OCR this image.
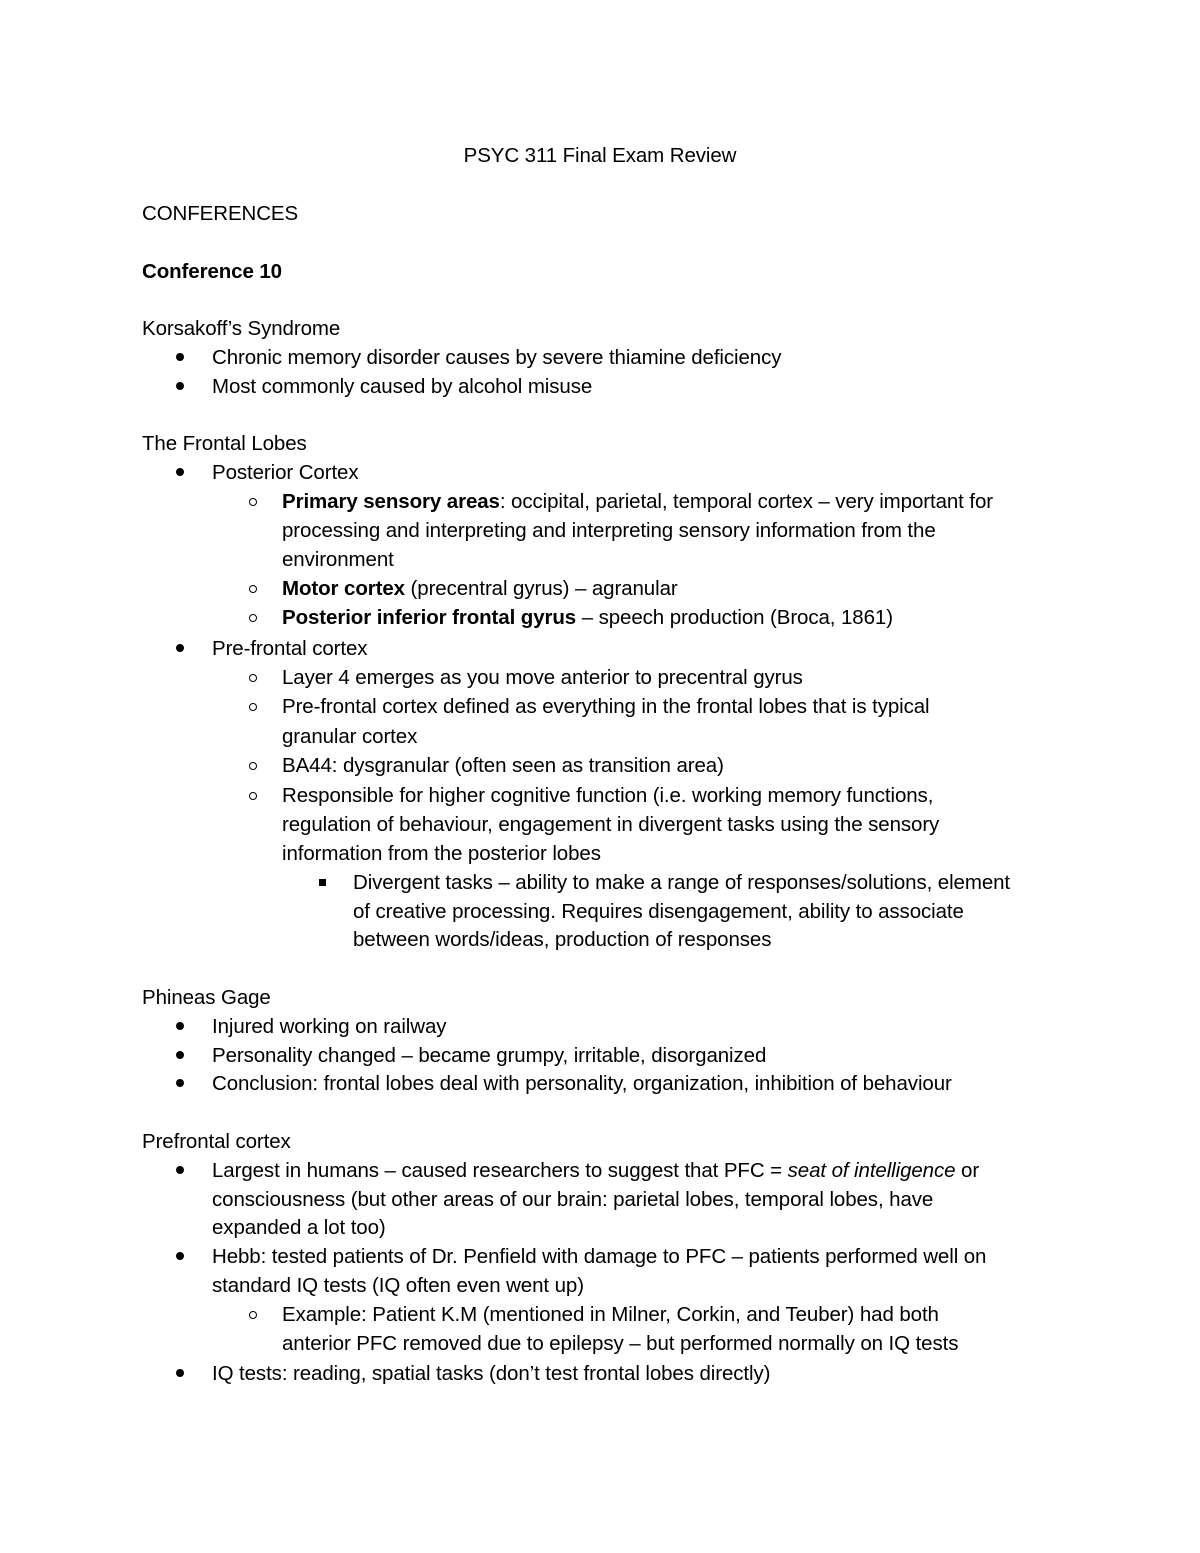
PSYC 311 Final Exam Review
CONFERENCES
Conference 10
Korsakoff’s Syndrome
Chronic memory disorder causes by severe thiamine deficiency
Most commonly caused by alcohol misuse
The Frontal Lobes
Posterior Cortex
Primary sensory areas: occipital, parietal, temporal cortex – very important for
processing and interpreting and interpreting sensory information from the
environment
Motor cortex (precentral gyrus) – agranular
Posterior inferior frontal gyrus – speech production (Broca, 1861)
Pre-frontal cortex
Layer 4 emerges as you move anterior to precentral gyrus
Pre-frontal cortex defined as everything in the frontal lobes that is typical
granular cortex
BA44: dysgranular (often seen as transition area)
Responsible for higher cognitive function (i.e. working memory functions,
regulation of behaviour, engagement in divergent tasks using the sensory
information from the posterior lobes
Divergent tasks – ability to make a range of responses/solutions, element
of creative processing. Requires disengagement, ability to associate
between words/ideas, production of responses
Phineas Gage
Injured working on railway
Personality changed – became grumpy, irritable, disorganized
Conclusion: frontal lobes deal with personality, organization, inhibition of behaviour
Prefrontal cortex
Largest in humans – caused researchers to suggest that PFC = seat of intelligence or
consciousness (but other areas of our brain: parietal lobes, temporal lobes, have
expanded a lot too)
Hebb: tested patients of Dr. Penfield with damage to PFC – patients performed well on
standard IQ tests (IQ often even went up)
Example: Patient K.M (mentioned in Milner, Corkin, and Teuber) had both
anterior PFC removed due to epilepsy – but performed normally on IQ tests
IQ tests: reading, spatial tasks (don’t test frontal lobes directly)
